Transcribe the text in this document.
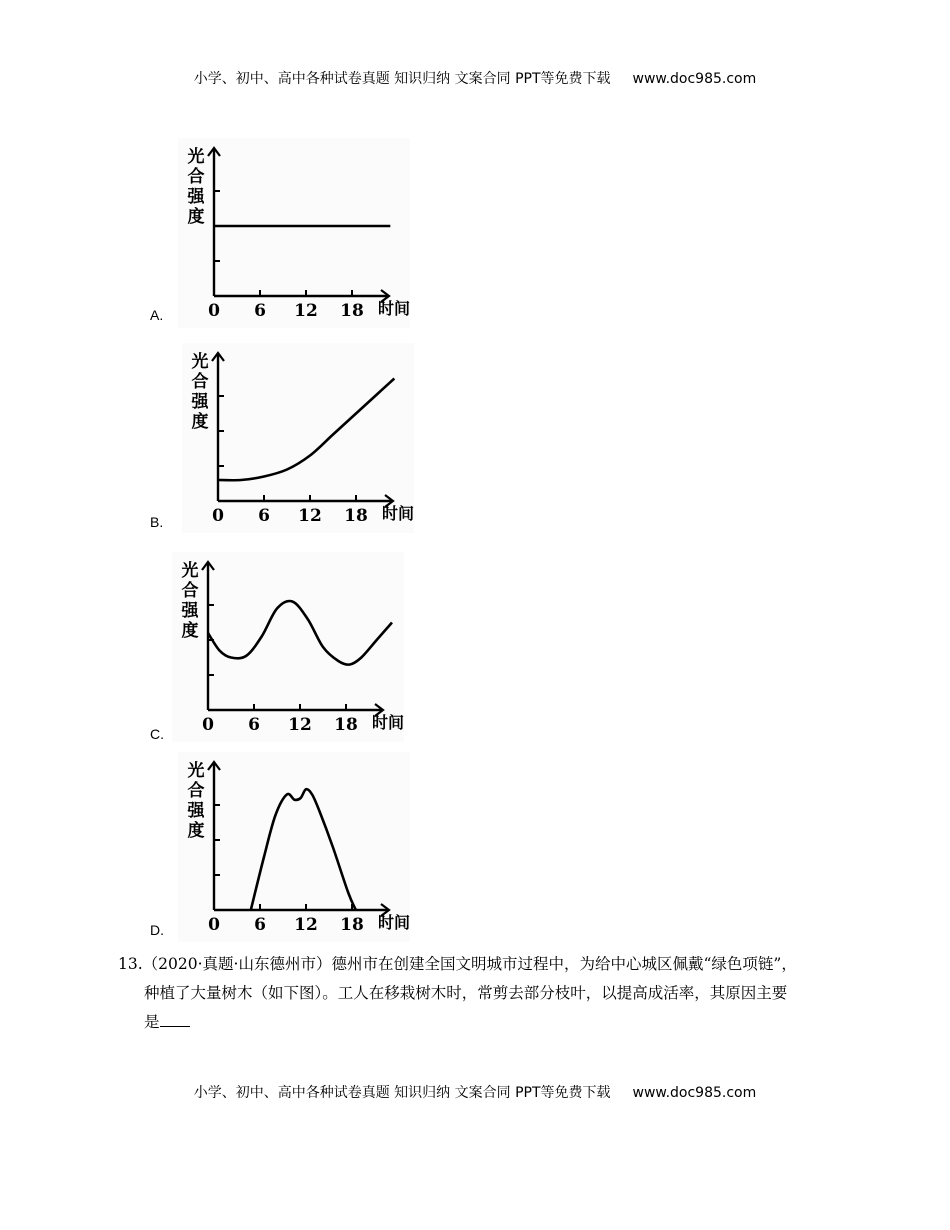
小学、初中、高中各种试卷真题 知识归纳 文案合同 PPT等免费下载 www.doc985.com
A.	0 6 12 18 时间
光
合
强
度
B.	0 6 12 18 时间
光
合
强
度
C. 0 6 12 18 时间
光
合
强
度
D.	0 6 12 18 时间
光
合
强
度
13.（2020·真题·山东德州市）德州市在创建全国文明城市过程中，为给中心城区佩戴“绿色项链”，
种植了大量树木（如下图）。工人在移栽树木时，常剪去部分枝叶，以提高成活率，其原因主要
是
小学、初中、高中各种试卷真题 知识归纳 文案合同 PPT等免费下载 www.doc985.com
